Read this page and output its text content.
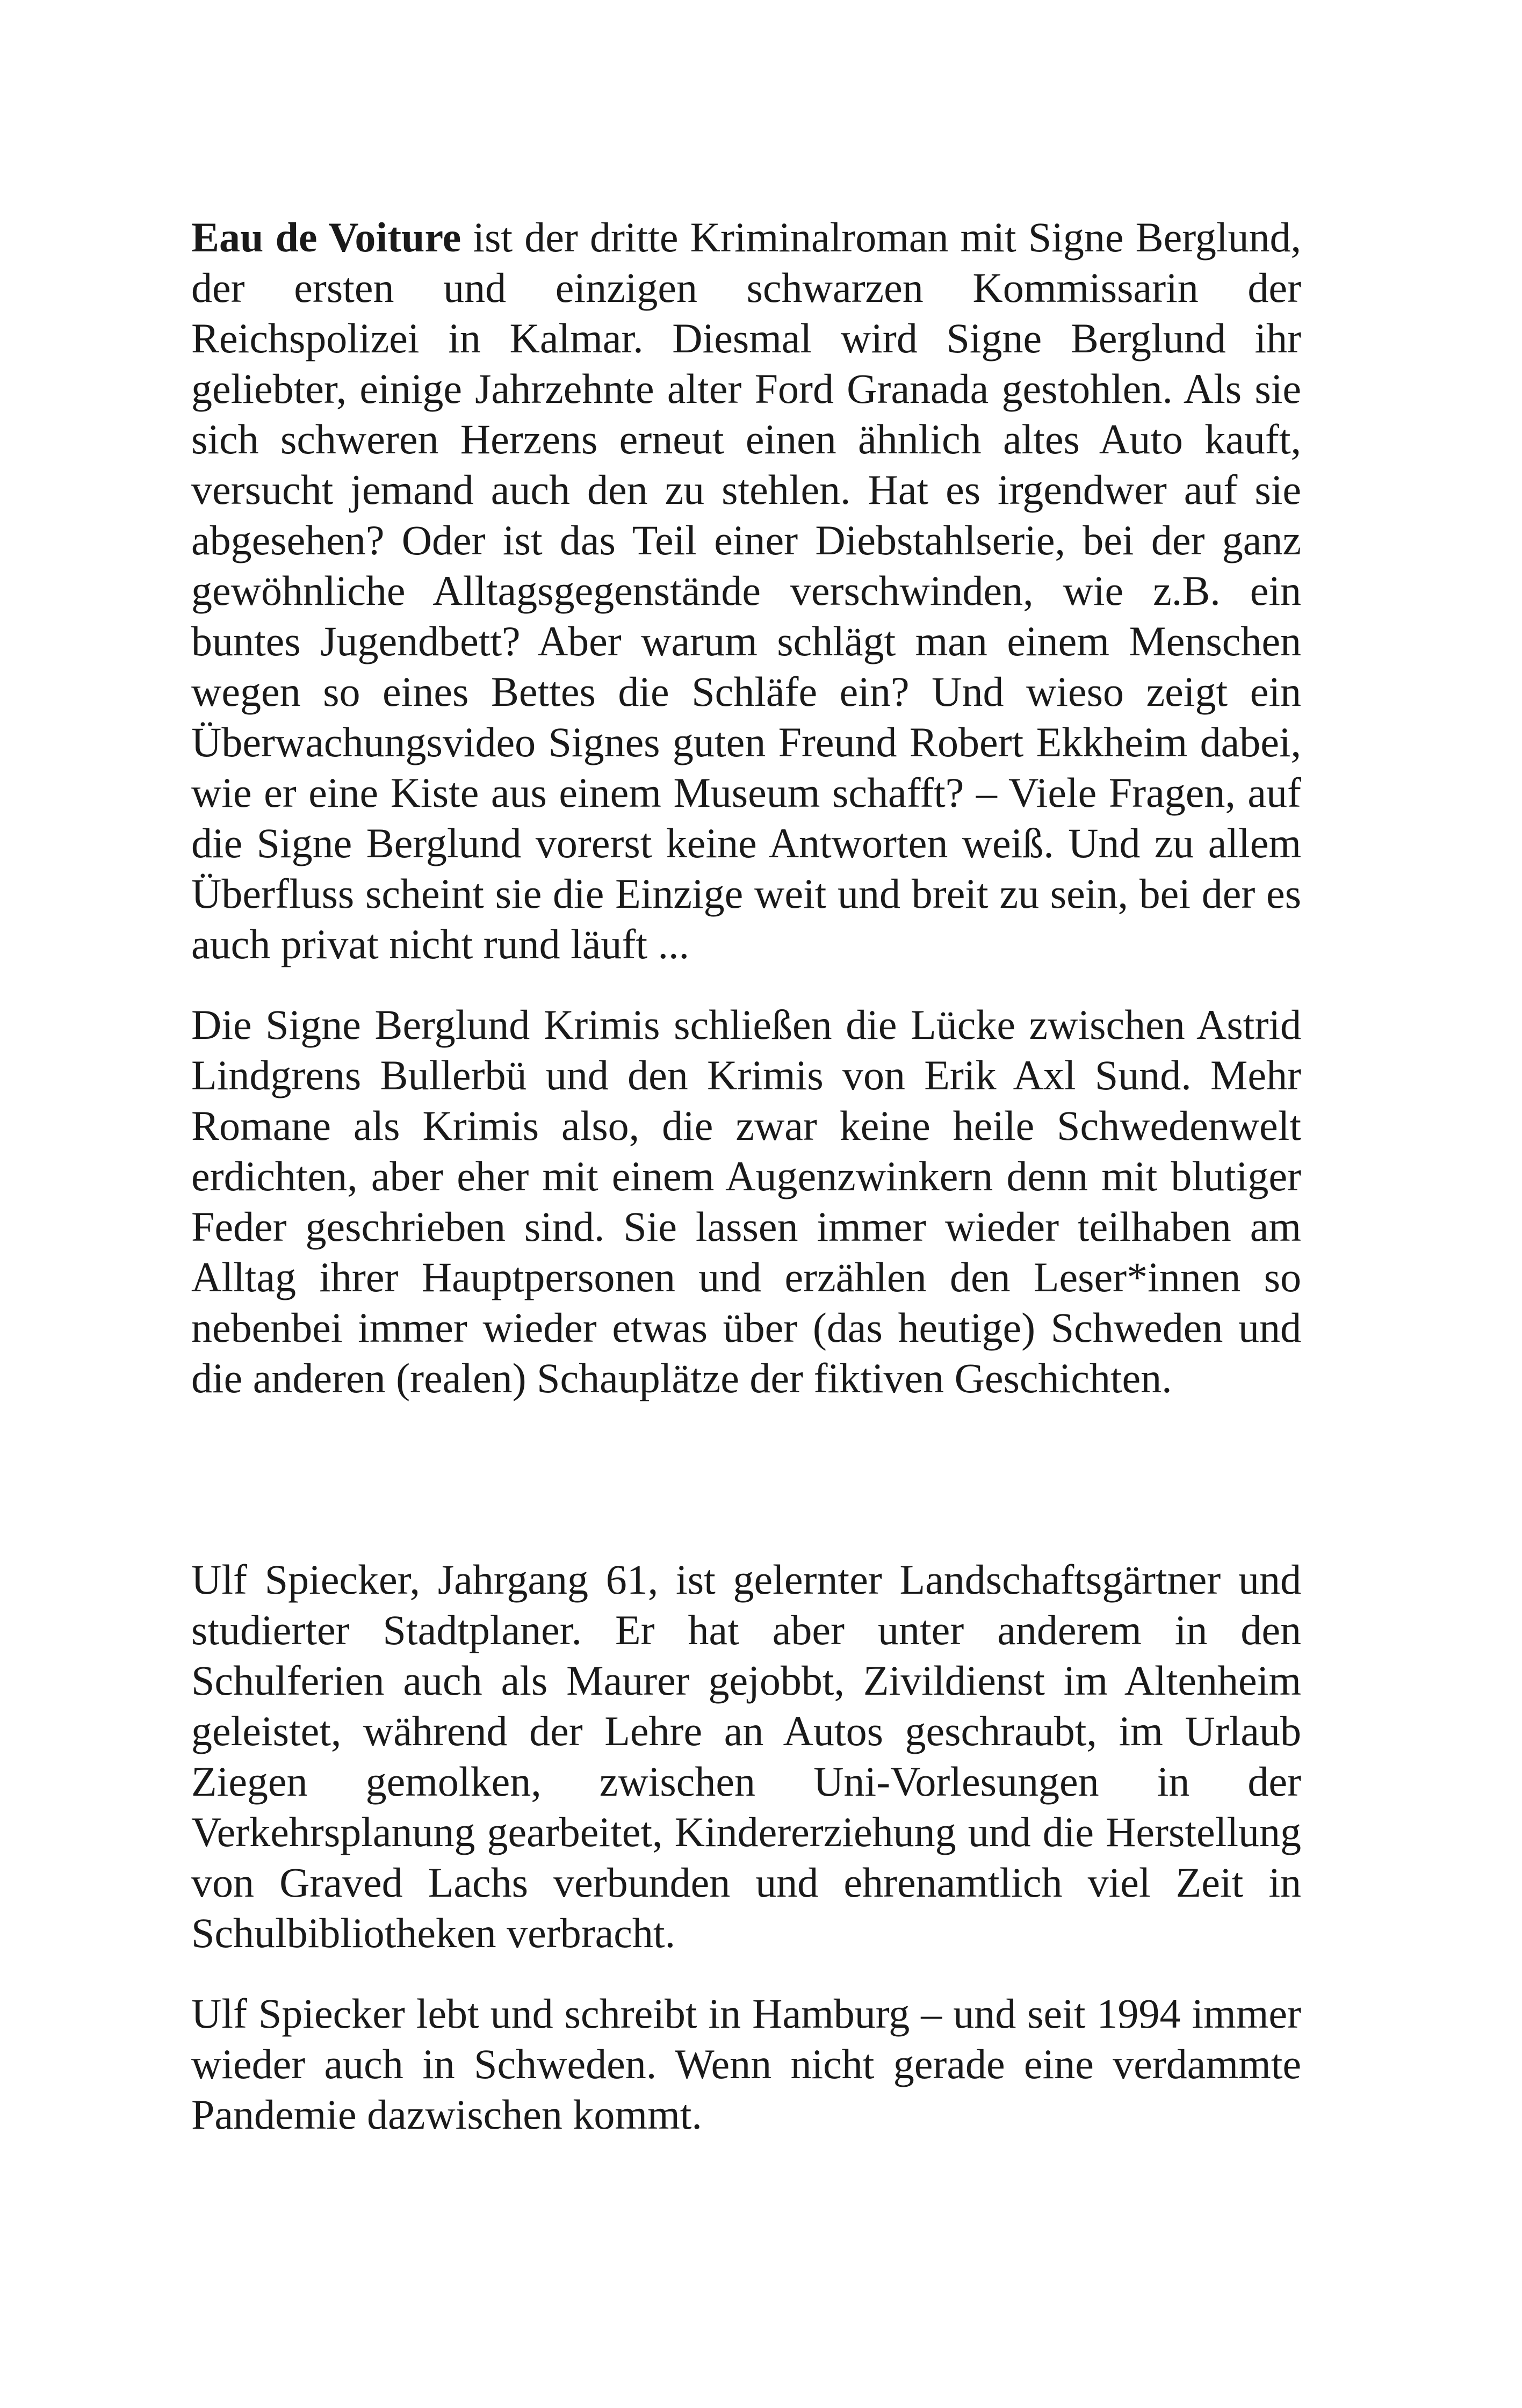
Eau de Voiture ist der dritte Kriminalroman mit Signe Berglund, der ersten und einzigen schwarzen Kommissarin der Reichspolizei in Kalmar. Diesmal wird Signe Berglund ihr geliebter, einige Jahrzehnte alter Ford Granada gestohlen. Als sie sich schweren Herzens erneut einen ähnlich altes Auto kauft, versucht jemand auch den zu stehlen. Hat es irgendwer auf sie abgesehen? Oder ist das Teil einer Diebstahlserie, bei der ganz gewöhnliche Alltagsgegenstände verschwinden, wie z.B. ein buntes Jugendbett? Aber warum schlägt man einem Menschen wegen so eines Bettes die Schläfe ein? Und wieso zeigt ein Überwachungsvideo Signes guten Freund Robert Ekkheim dabei, wie er eine Kiste aus einem Museum schafft? – Viele Fragen, auf die Signe Berglund vorerst keine Antworten weiß. Und zu allem Überfluss scheint sie die Einzige weit und breit zu sein, bei der es auch privat nicht rund läuft ...

Die Signe Berglund Krimis schließen die Lücke zwischen Astrid Lindgrens Bullerbü und den Krimis von Erik Axl Sund. Mehr Romane als Krimis also, die zwar keine heile Schwedenwelt erdichten, aber eher mit einem Augenzwinkern denn mit blutiger Feder geschrieben sind. Sie lassen immer wieder teilhaben am Alltag ihrer Hauptpersonen und erzählen den Leser*innen so nebenbei immer wieder etwas über (das heutige) Schweden und die anderen (realen) Schauplätze der fiktiven Geschichten.

Ulf Spiecker, Jahrgang 61, ist gelernter Landschaftsgärtner und studierter Stadtplaner. Er hat aber unter anderem in den Schulferien auch als Maurer gejobbt, Zivildienst im Altenheim geleistet, während der Lehre an Autos geschraubt, im Urlaub Ziegen gemolken, zwischen Uni-Vorlesungen in der Verkehrsplanung gearbeitet, Kindererziehung und die Herstellung von Graved Lachs verbunden und ehrenamtlich viel Zeit in Schulbibliotheken verbracht.

Ulf Spiecker lebt und schreibt in Hamburg – und seit 1994 immer wieder auch in Schweden. Wenn nicht gerade eine verdammte Pandemie dazwischen kommt.
